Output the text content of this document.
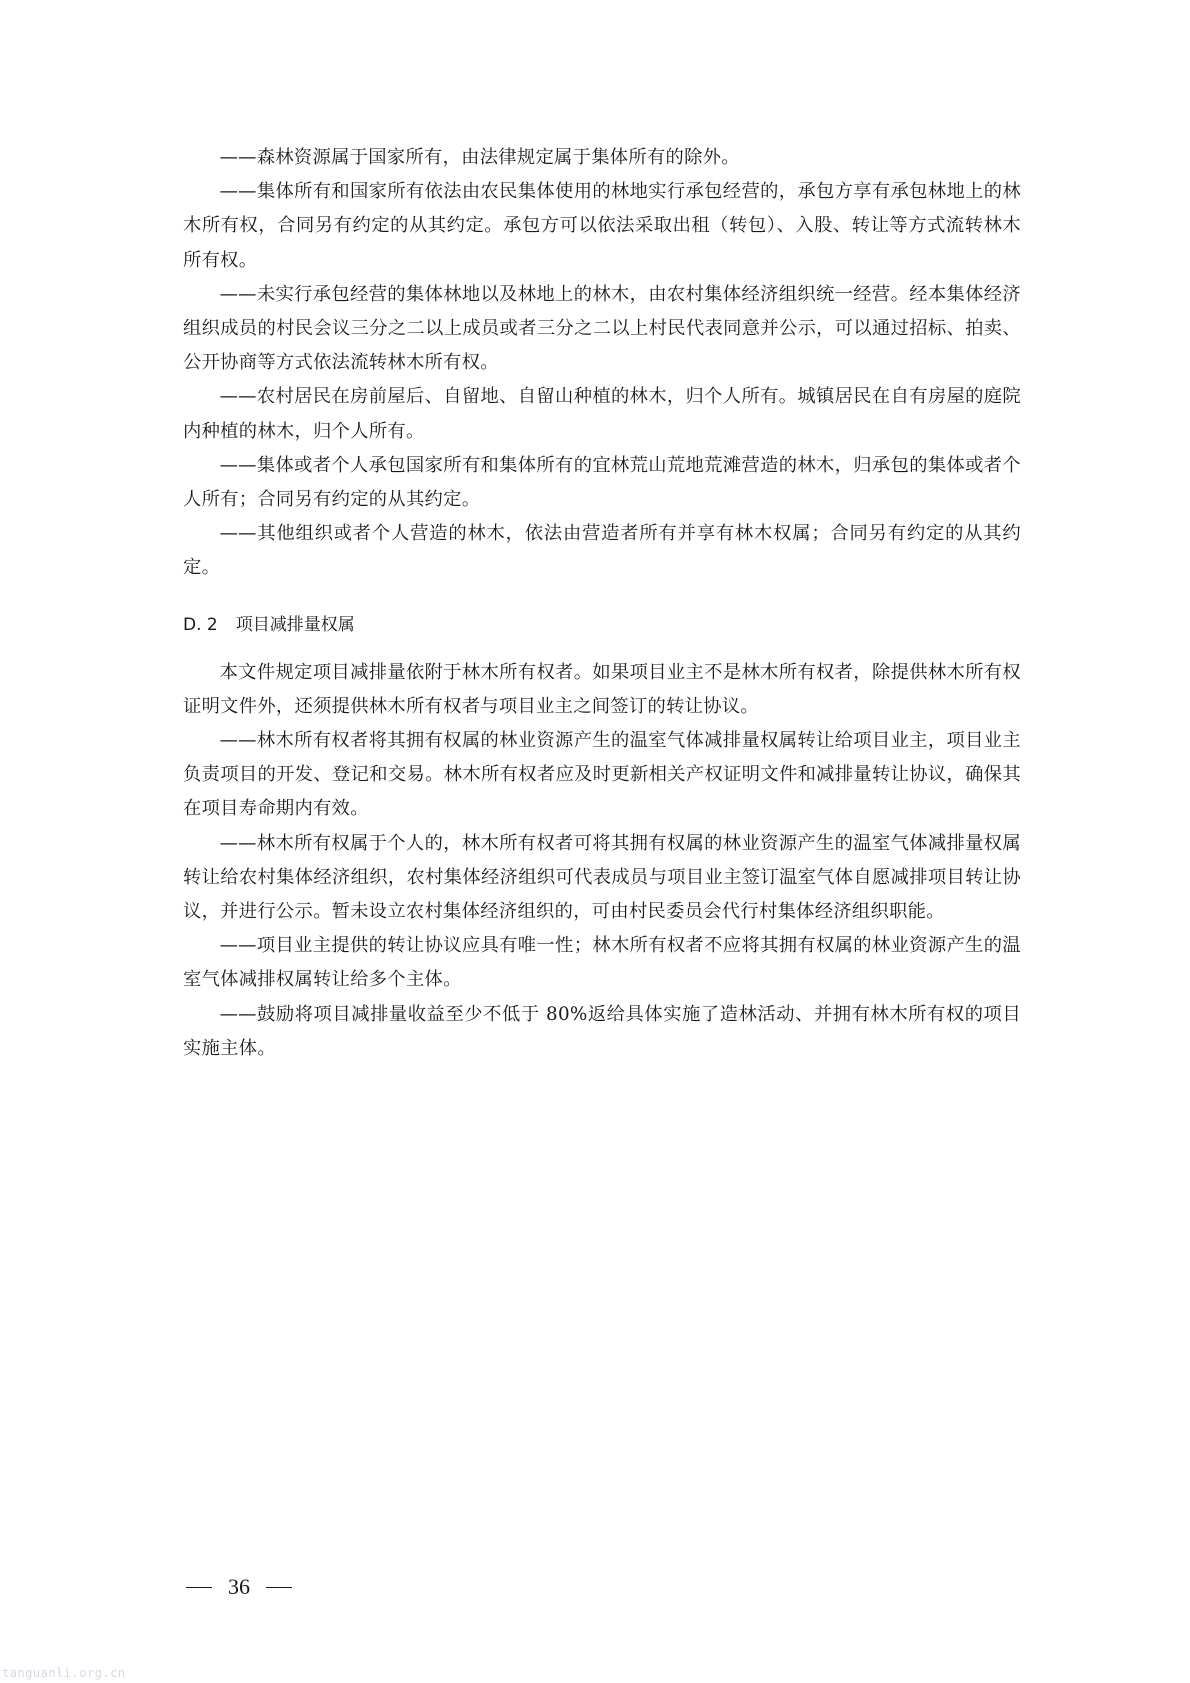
——森林资源属于国家所有，由法律规定属于集体所有的除外。

——集体所有和国家所有依法由农民集体使用的林地实行承包经营的，承包方享有承包林地上的林木所有权，合同另有约定的从其约定。承包方可以依法采取出租（转包）、入股、转让等方式流转林木所有权。

——未实行承包经营的集体林地以及林地上的林木，由农村集体经济组织统一经营。经本集体经济组织成员的村民会议三分之二以上成员或者三分之二以上村民代表同意并公示，可以通过招标、拍卖、公开协商等方式依法流转林木所有权。

——农村居民在房前屋后、自留地、自留山种植的林木，归个人所有。城镇居民在自有房屋的庭院内种植的林木，归个人所有。

——集体或者个人承包国家所有和集体所有的宜林荒山荒地荒滩营造的林木，归承包的集体或者个人所有；合同另有约定的从其约定。

——其他组织或者个人营造的林木，依法由营造者所有并享有林木权属；合同另有约定的从其约定。

D. 2 项目减排量权属

本文件规定项目减排量依附于林木所有权者。如果项目业主不是林木所有权者，除提供林木所有权证明文件外，还须提供林木所有权者与项目业主之间签订的转让协议。

——林木所有权者将其拥有权属的林业资源产生的温室气体减排量权属转让给项目业主，项目业主负责项目的开发、登记和交易。林木所有权者应及时更新相关产权证明文件和减排量转让协议，确保其在项目寿命期内有效。

——林木所有权属于个人的，林木所有权者可将其拥有权属的林业资源产生的温室气体减排量权属转让给农村集体经济组织，农村集体经济组织可代表成员与项目业主签订温室气体自愿减排项目转让协议，并进行公示。暂未设立农村集体经济组织的，可由村民委员会代行村集体经济组织职能。

——项目业主提供的转让协议应具有唯一性；林木所有权者不应将其拥有权属的林业资源产生的温室气体减排权属转让给多个主体。

——鼓励将项目减排量收益至少不低于 80%返给具体实施了造林活动、并拥有林木所有权的项目实施主体。

36
tanguanli.org.cn
